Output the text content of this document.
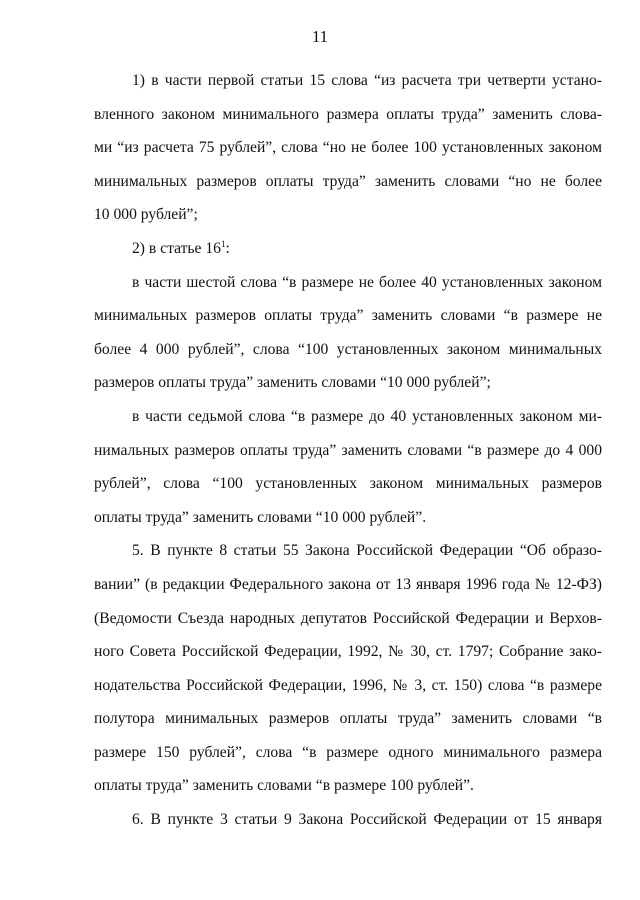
11
1) в части первой статьи 15 слова “из расчета три четверти устано-
вленного законом минимального размера оплаты труда” заменить слова-
ми “из расчета 75 рублей”, слова “но не более 100 установленных законом
минимальных размеров оплаты труда” заменить словами “но не более
10 000 рублей”;
2) в статье $16^1$:
в части шестой слова “в размере не более 40 установленных законом
минимальных размеров оплаты труда” заменить словами “в размере не
более 4 000 рублей”, слова “100 установленных законом минимальных
размеров оплаты труда” заменить словами “10 000 рублей”;
в части седьмой слова “в размере до 40 установленных законом ми-
нимальных размеров оплаты труда” заменить словами “в размере до 4 000
рублей”, слова “100 установленных законом минимальных размеров
оплаты труда” заменить словами “10 000 рублей”.
5. В пункте 8 статьи 55 Закона Российской Федерации “Об образо-
вании” (в редакции Федерального закона от 13 января 1996 года № 12-ФЗ)
(Ведомости Съезда народных депутатов Российской Федерации и Верхов-
ного Совета Российской Федерации, 1992, № 30, ст. 1797; Собрание зако-
нодательства Российской Федерации, 1996, № 3, ст. 150) слова “в размере
полутора минимальных размеров оплаты труда” заменить словами “в
размере 150 рублей”, слова “в размере одного минимального размера
оплаты труда” заменить словами “в размере 100 рублей”.
6. В пункте 3 статьи 9 Закона Российской Федерации от 15 января
